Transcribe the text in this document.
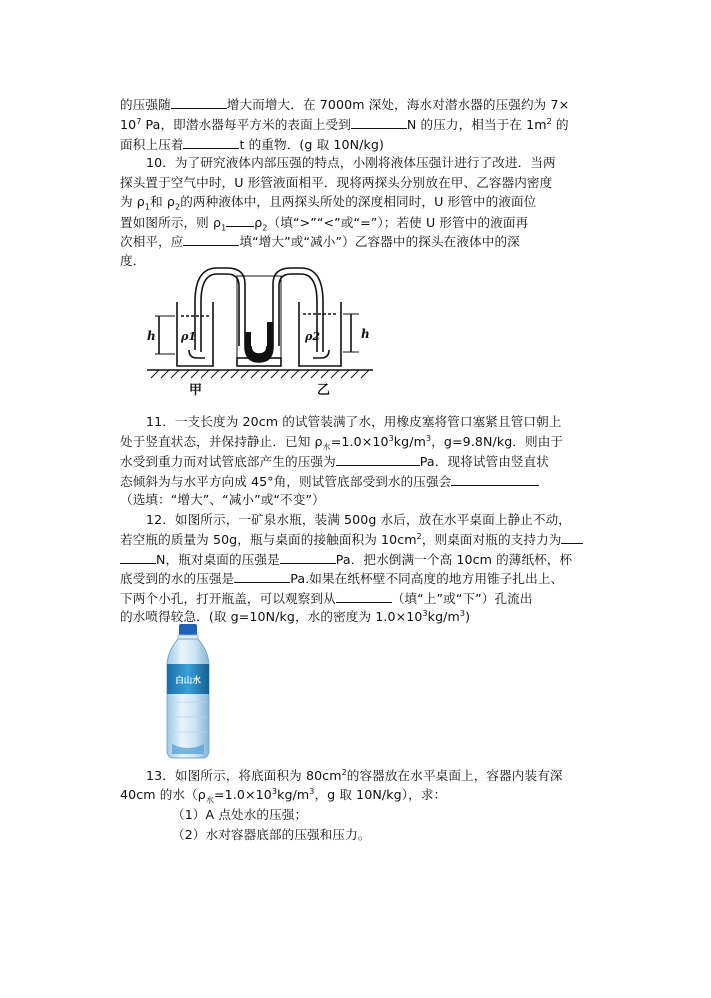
的压强随	增大而增大．在 7000m 深处，海水对潜水器的压强约为 7×
$10^7$ Pa，即潜水器每平方米的表面上受到	N 的压力，相当于在 $1m^2$ 的
面积上压着	t 的重物．(g 取 10N/kg)
10．为了研究液体内部压强的特点，小刚将液体压强计进行了改进．当两
探头置于空气中时，U 形管液面相平．现将两探头分别放在甲、乙容器内密度
为 $\rho_1$和 $\rho_2$的两种液体中，且两探头所处的深度相同时，U 形管中的液面位
置如图所示，则 $\rho_1$ $\rho_2$（填“>”“<”或“=”）；若使 U 形管中的液面再
次相平，应	填“增大”或“减小”）乙容器中的探头在液体中的深
度．
h	h
ρ1	ρ2
甲	乙
11．一支长度为 20cm 的试管装满了水，用橡皮塞将管口塞紧且管口朝上
处于竖直状态，并保持静止．已知 $\rho_水=1.0\times 10^3kg/m^3$，g=9.8N/kg．则由于
水受到重力而对试管底部产生的压强为	Pa．现将试管由竖直状
态倾斜为与水平方向成 45°角，则试管底部受到水的压强会
（选填：“增大”、“减小”或“不变”）
12．如图所示，一矿泉水瓶，装满 500g 水后，放在水平桌面上静止不动，
若空瓶的质量为 50g，瓶与桌面的接触面积为 $10cm^2$，则桌面对瓶的支持力为
N，瓶对桌面的压强是	Pa．把水倒满一个高 10cm 的薄纸杯，杯
底受到的水的压强是	Pa.如果在纸杯壁不同高度的地方用锥子扎出上、
下两个小孔，打开瓶盖，可以观察到从	（填“上”或“下”）孔流出
的水喷得较急．(取 g=10N/kg，水的密度为 $1.0\times 10^3kg/m^3$)
白山水
13．如图所示，将底面积为 $80cm^2$的容器放在水平桌面上，容器内装有深
40cm 的水（$\rho_水=1.0\times 10^3kg/m^3$，g 取 10N/kg），求：
（1）A 点处水的压强；
（2）水对容器底部的压强和压力。
